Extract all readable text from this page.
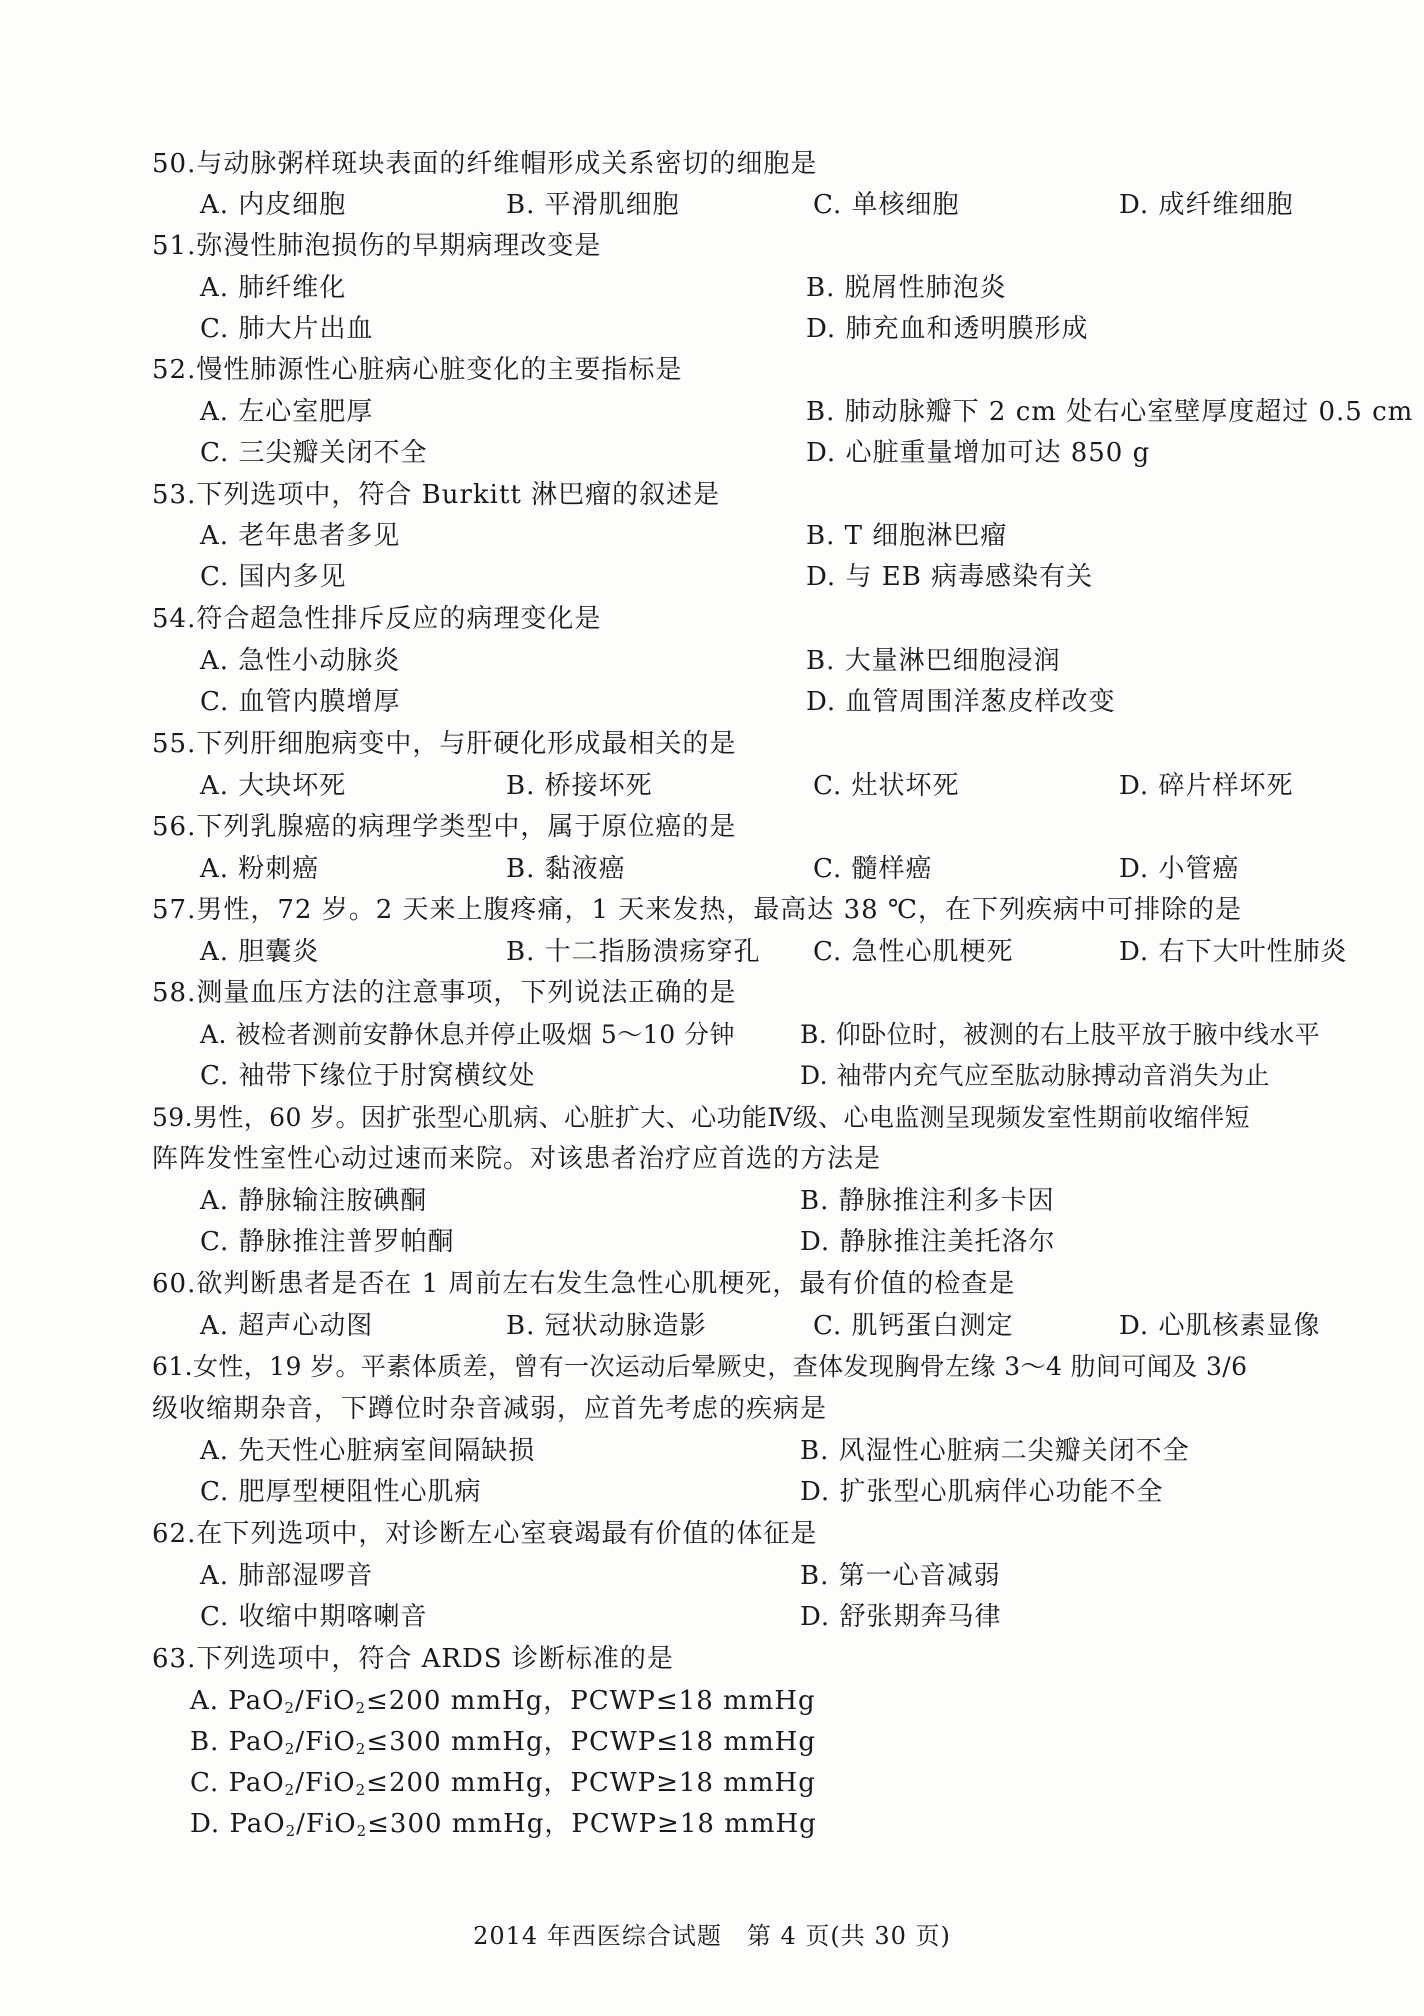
50.与动脉粥样斑块表面的纤维帽形成关系密切的细胞是
A. 内皮细胞	B. 平滑肌细胞	C. 单核细胞	D. 成纤维细胞
51.弥漫性肺泡损伤的早期病理改变是
A. 肺纤维化	B. 脱屑性肺泡炎
C. 肺大片出血	D. 肺充血和透明膜形成
52.慢性肺源性心脏病心脏变化的主要指标是
A. 左心室肥厚	B. 肺动脉瓣下 2 cm 处右心室壁厚度超过 0.5 cm
C. 三尖瓣关闭不全	D. 心脏重量增加可达 850 g
53.下列选项中，符合 Burkitt 淋巴瘤的叙述是
A. 老年患者多见	B. T 细胞淋巴瘤
C. 国内多见	D. 与 EB 病毒感染有关
54.符合超急性排斥反应的病理变化是
A. 急性小动脉炎	B. 大量淋巴细胞浸润
C. 血管内膜增厚	D. 血管周围洋葱皮样改变
55.下列肝细胞病变中，与肝硬化形成最相关的是
A. 大块坏死	B. 桥接坏死	C. 灶状坏死	D. 碎片样坏死
56.下列乳腺癌的病理学类型中，属于原位癌的是
A. 粉刺癌	B. 黏液癌	C. 髓样癌	D. 小管癌
57.男性，72 岁。2 天来上腹疼痛，1 天来发热，最高达 38 ℃，在下列疾病中可排除的是
A. 胆囊炎	B. 十二指肠溃疡穿孔 C. 急性心肌梗死	D. 右下大叶性肺炎
58.测量血压方法的注意事项，下列说法正确的是
A. 被检者测前安静休息并停止吸烟 5～10 分钟	B. 仰卧位时，被测的右上肢平放于腋中线水平
C. 袖带下缘位于肘窝横纹处	D. 袖带内充气应至肱动脉搏动音消失为止
59.男性，60 岁。因扩张型心肌病、心脏扩大、心功能Ⅳ级、心电监测呈现频发室性期前收缩伴短
阵阵发性室性心动过速而来院。对该患者治疗应首选的方法是
A. 静脉输注胺碘酮	B. 静脉推注利多卡因
C. 静脉推注普罗帕酮	D. 静脉推注美托洛尔
60.欲判断患者是否在 1 周前左右发生急性心肌梗死，最有价值的检查是
A. 超声心动图	B. 冠状动脉造影	C. 肌钙蛋白测定	D. 心肌核素显像
61.女性，19 岁。平素体质差，曾有一次运动后晕厥史，查体发现胸骨左缘 3～4 肋间可闻及 3/6
级收缩期杂音，下蹲位时杂音减弱，应首先考虑的疾病是
A. 先天性心脏病室间隔缺损	B. 风湿性心脏病二尖瓣关闭不全
C. 肥厚型梗阻性心肌病	D. 扩张型心肌病伴心功能不全
62.在下列选项中，对诊断左心室衰竭最有价值的体征是
A. 肺部湿啰音	B. 第一心音减弱
C. 收缩中期喀喇音	D. 舒张期奔马律
63.下列选项中，符合 ARDS 诊断标准的是
A. PaO$_2$/FiO$_2$≤200 mmHg，PCWP≤18 mmHg
B. PaO$_2$/FiO$_2$≤300 mmHg，PCWP≤18 mmHg
C. PaO$_2$/FiO$_2$≤200 mmHg，PCWP≥18 mmHg
D. PaO$_2$/FiO$_2$≤300 mmHg，PCWP≥18 mmHg
2014 年西医综合试题　第 4 页(共 30 页)
